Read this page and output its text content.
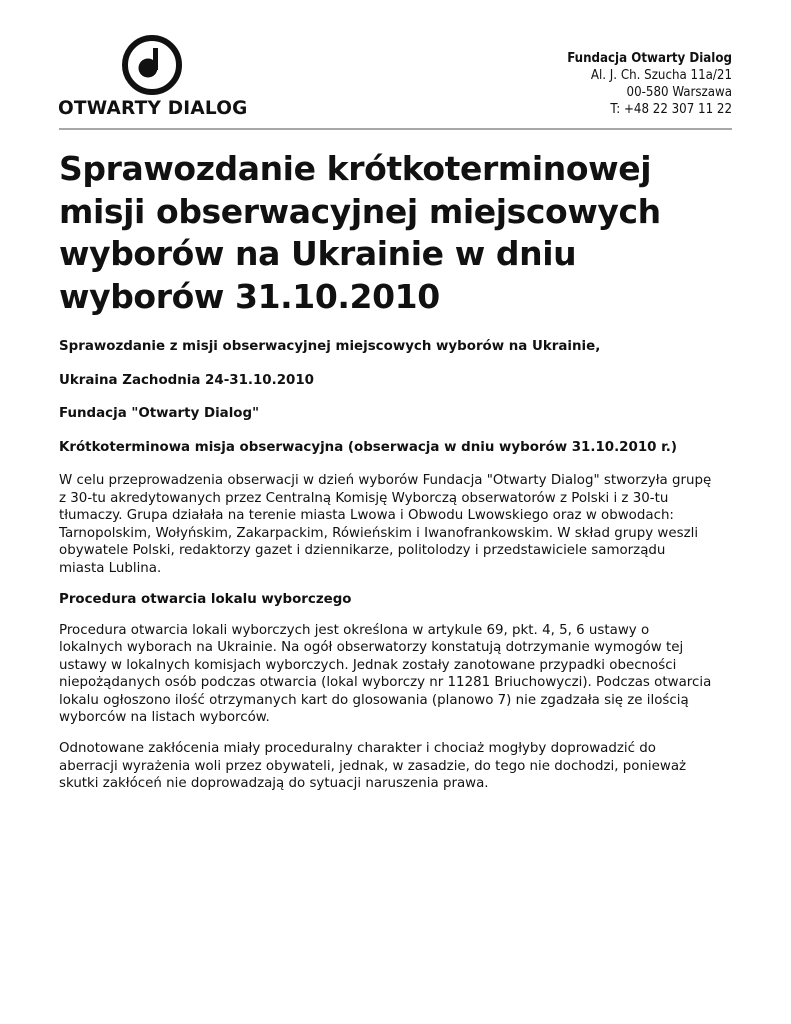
OTWARTY DIALOG
Fundacja Otwarty Dialog
Al. J. Ch. Szucha 11a/21
00-580 Warszawa
T: +48 22 307 11 22
Sprawozdanie krótkoterminowej
misji obserwacyjnej miejscowych
wyborów na Ukrainie w dniu
wyborów 31.10.2010

Sprawozdanie z misji obserwacyjnej miejscowych wyborów na Ukrainie,

Ukraina Zachodnia 24-31.10.2010

Fundacja "Otwarty Dialog"

Krótkoterminowa misja obserwacyjna (obserwacja w dniu wyborów 31.10.2010 r.)

W celu przeprowadzenia obserwacji w dzień wyborów Fundacja "Otwarty Dialog" stworzyła grupę
z 30-tu akredytowanych przez Centralną Komisję Wyborczą obserwatorów z Polski i z 30-tu
tłumaczy. Grupa działała na terenie miasta Lwowa i Obwodu Lwowskiego oraz w obwodach:
Tarnopolskim, Wołyńskim, Zakarpackim, Rówieńskim i Iwanofrankowskim. W skład grupy weszli
obywatele Polski, redaktorzy gazet i dziennikarze, politolodzy i przedstawiciele samorządu
miasta Lublina.

Procedura otwarcia lokalu wyborczego

Procedura otwarcia lokali wyborczych jest określona w artykule 69, pkt. 4, 5, 6 ustawy o
lokalnych wyborach na Ukrainie. Na ogół obserwatorzy konstatują dotrzymanie wymogów tej
ustawy w lokalnych komisjach wyborczych. Jednak zostały zanotowane przypadki obecności
niepożądanych osób podczas otwarcia (lokal wyborczy nr 11281 Briuchowyczi). Podczas otwarcia
lokalu ogłoszono ilość otrzymanych kart do glosowania (planowo 7) nie zgadzała się ze ilością
wyborców na listach wyborców.
Odnotowane zakłócenia miały proceduralny charakter i chociaż mogłyby doprowadzić do
aberracji wyrażenia woli przez obywateli, jednak, w zasadzie, do tego nie dochodzi, ponieważ
skutki zakłóceń nie doprowadzają do sytuacji naruszenia prawa.
